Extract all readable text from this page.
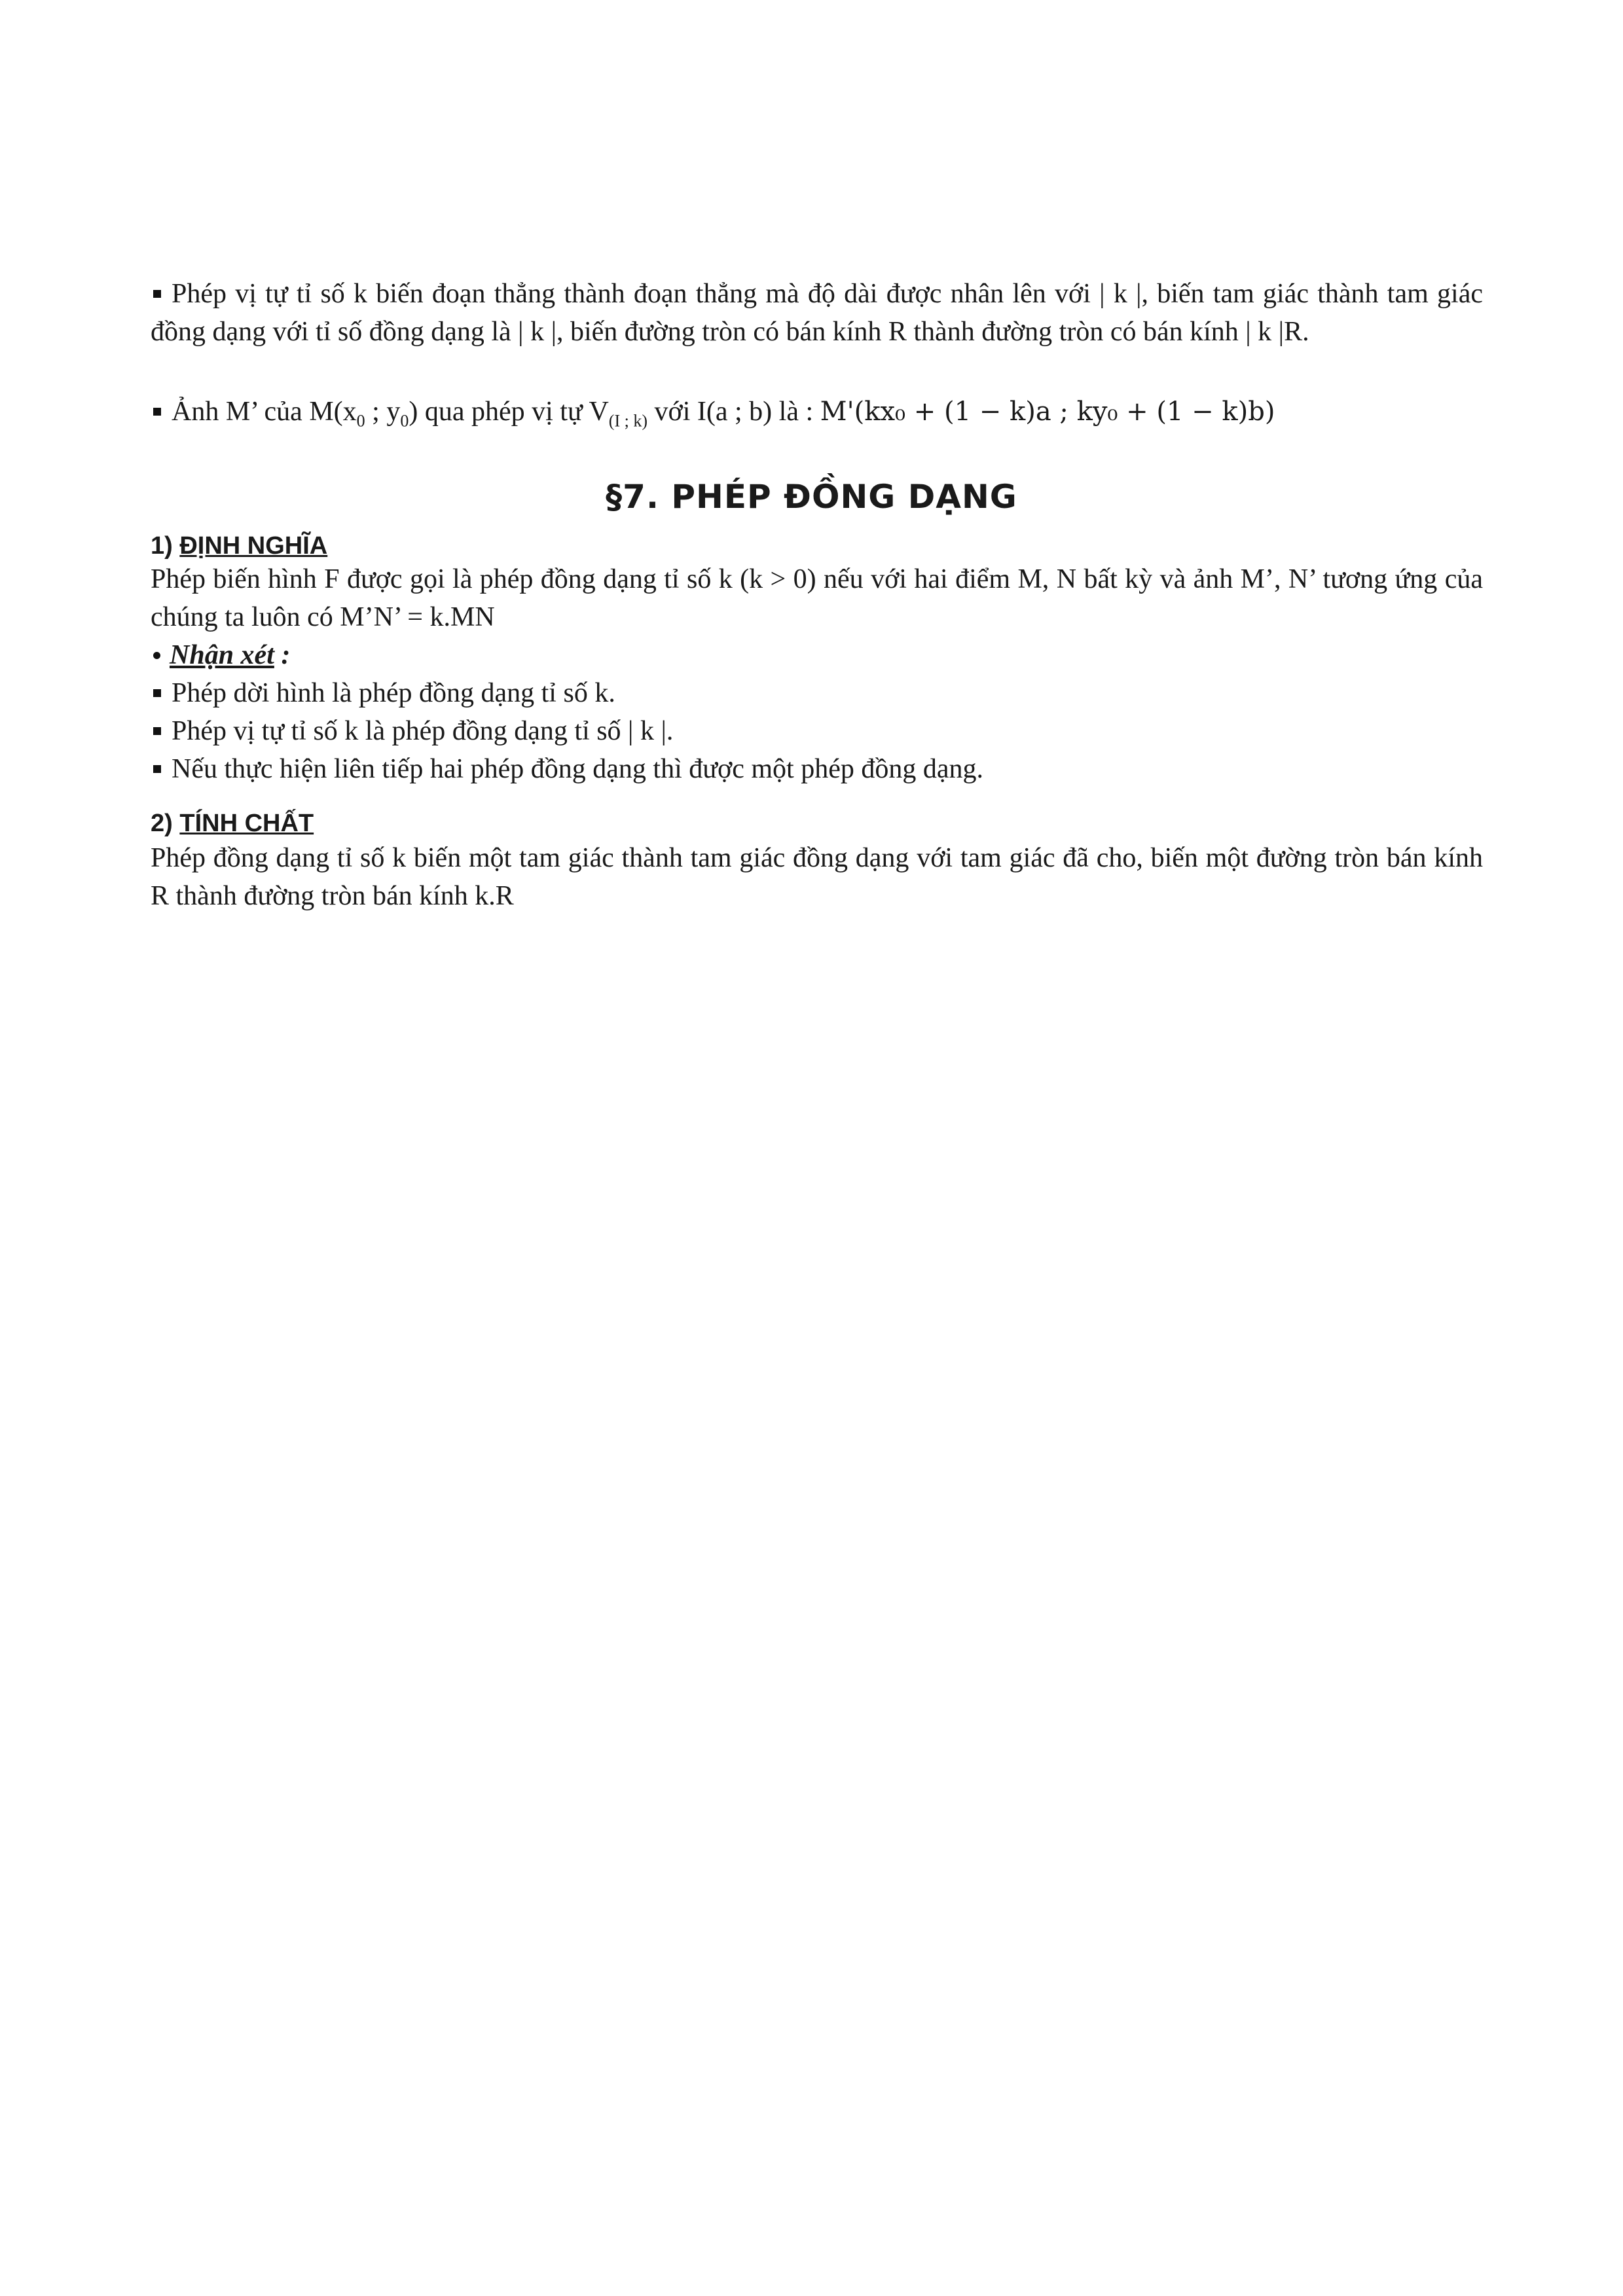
Phép vị tự tỉ số k biến đoạn thẳng thành đoạn thẳng mà độ dài được nhân lên với | k |, biến tam giác thành tam giác đồng dạng với tỉ số đồng dạng là | k |, biến đường tròn có bán kính R thành đường tròn có bán kính | k |R.

Ảnh M’ của $M(x_0$ ; $y_0$) qua phép vị tự $V_{(I ; k)}$ với I(a ; b) là : M'(kx₀ + (1 − k)a ; ky₀ + (1 − k)b)

§7. PHÉP ĐỒNG DẠNG
1) ĐỊNH NGHĨA

Phép biến hình F được gọi là phép đồng dạng tỉ số k (k > 0) nếu với hai điểm M, N bất kỳ và ảnh M’, N’ tương ứng của chúng ta luôn có M’N’ = k.MN

Nhận xét :

Phép dời hình là phép đồng dạng tỉ số k.

Phép vị tự tỉ số k là phép đồng dạng tỉ số | k |.

Nếu thực hiện liên tiếp hai phép đồng dạng thì được một phép đồng dạng.

2) TÍNH CHẤT

Phép đồng dạng tỉ số k biến một tam giác thành tam giác đồng dạng với tam giác đã cho, biến một đường tròn bán kính R thành đường tròn bán kính k.R
